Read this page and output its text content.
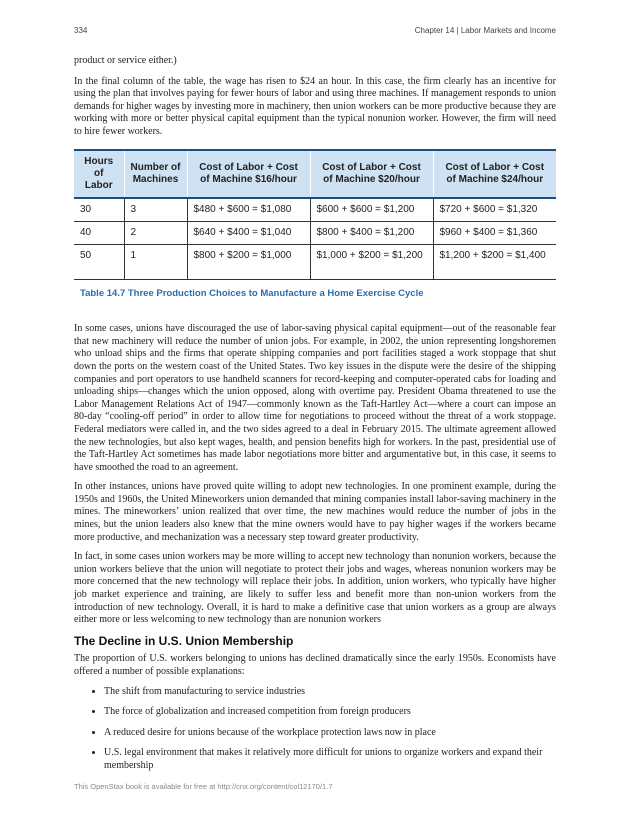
334	Chapter 14 | Labor Markets and Income

product or service either.)

In the final column of the table, the wage has risen to $24 an hour. In this case, the firm clearly has an incentive for using the plan that involves paying for fewer hours of labor and using three machines. If management responds to union demands for higher wages by investing more in machinery, then union workers can be more productive because they are working with more or better physical capital equipment than the typical nonunion worker. However, the firm will need to hire fewer workers.

Hours of Labor	Number of Machines	Cost of Labor + Cost of Machine $16/hour	Cost of Labor + Cost of Machine $20/hour	Cost of Labor + Cost of Machine $24/hour
30	3	$480 + $600 = $1,080	$600 + $600 = $1,200	$720 + $600 = $1,320
40	2	$640 + $400 = $1,040	$800 + $400 = $1,200	$960 + $400 = $1,360
50	1	$800 + $200 = $1,000	$1,000 + $200 = $1,200	$1,200 + $200 = $1,400
Table 14.7 Three Production Choices to Manufacture a Home Exercise Cycle

In some cases, unions have discouraged the use of labor-saving physical capital equipment—out of the reasonable fear that new machinery will reduce the number of union jobs. For example, in 2002, the union representing longshoremen who unload ships and the firms that operate shipping companies and port facilities staged a work stoppage that shut down the ports on the western coast of the United States. Two key issues in the dispute were the desire of the shipping companies and port operators to use handheld scanners for record-keeping and computer-operated cabs for loading and unloading ships—changes which the union opposed, along with overtime pay. President Obama threatened to use the Labor Management Relations Act of 1947—commonly known as the Taft-Hartley Act—where a court can impose an 80-day “cooling-off period” in order to allow time for negotiations to proceed without the threat of a work stoppage. Federal mediators were called in, and the two sides agreed to a deal in February 2015. The ultimate agreement allowed the new technologies, but also kept wages, health, and pension benefits high for workers. In the past, presidential use of the Taft-Hartley Act sometimes has made labor negotiations more bitter and argumentative but, in this case, it seems to have smoothed the road to an agreement.

In other instances, unions have proved quite willing to adopt new technologies. In one prominent example, during the 1950s and 1960s, the United Mineworkers union demanded that mining companies install labor-saving machinery in the mines. The mineworkers’ union realized that over time, the new machines would reduce the number of jobs in the mines, but the union leaders also knew that the mine owners would have to pay higher wages if the workers became more productive, and mechanization was a necessary step toward greater productivity.

In fact, in some cases union workers may be more willing to accept new technology than nonunion workers, because the union workers believe that the union will negotiate to protect their jobs and wages, whereas nonunion workers may be more concerned that the new technology will replace their jobs. In addition, union workers, who typically have higher job market experience and training, are likely to suffer less and benefit more than non-union workers from the introduction of new technology. Overall, it is hard to make a definitive case that union workers as a group are always either more or less welcoming to new technology than are nonunion workers

The Decline in U.S. Union Membership

The proportion of U.S. workers belonging to unions has declined dramatically since the early 1950s. Economists have offered a number of possible explanations:

• The shift from manufacturing to service industries
• The force of globalization and increased competition from foreign producers
• A reduced desire for unions because of the workplace protection laws now in place
• U.S. legal environment that makes it relatively more difficult for unions to organize workers and expand their membership
This OpenStax book is available for free at http://cnx.org/content/col12170/1.7
